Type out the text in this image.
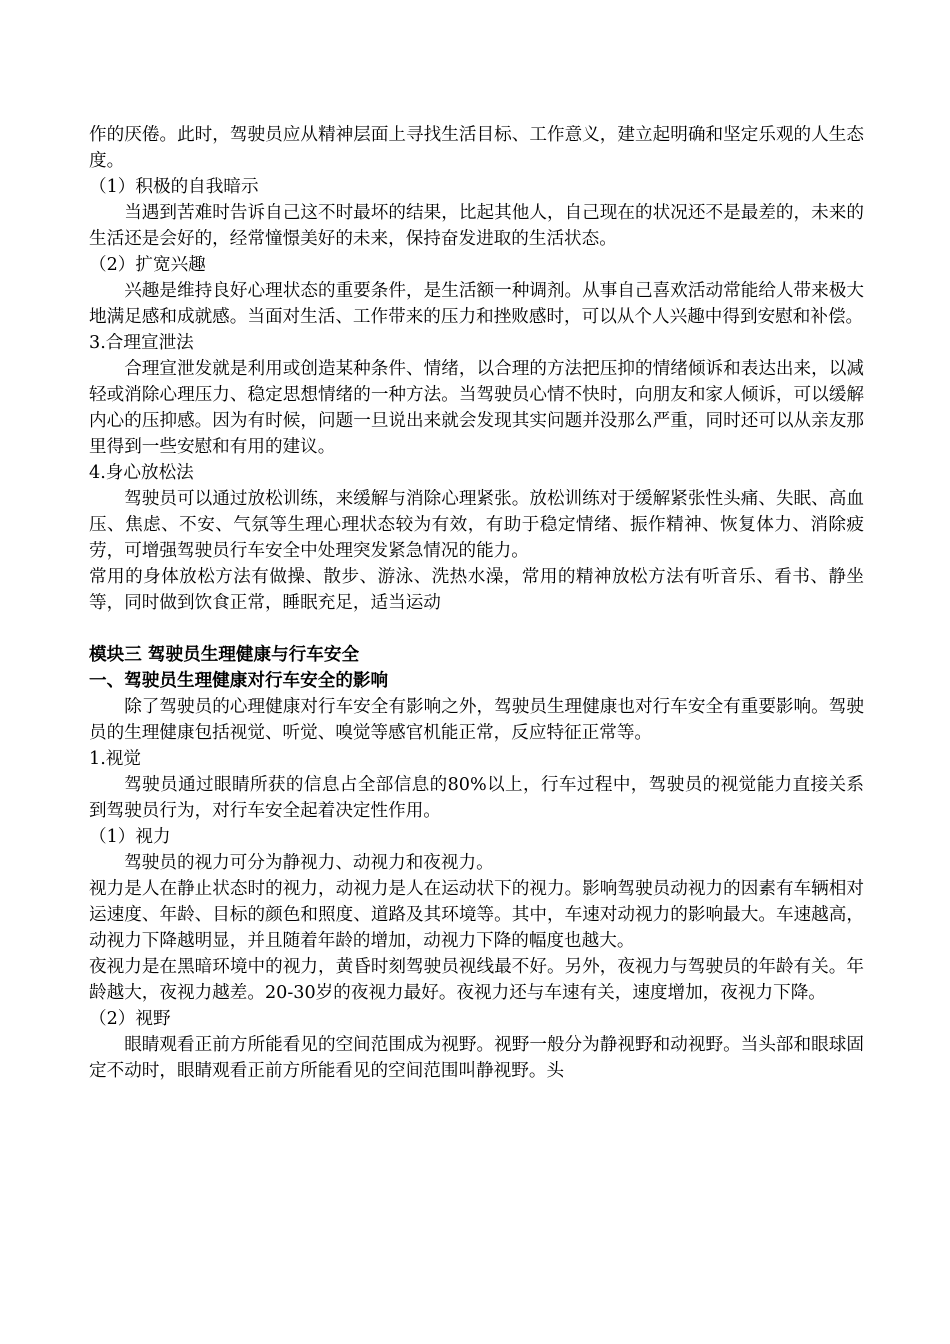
作的厌倦。此时，驾驶员应从精神层面上寻找生活目标、工作意义，建立起明确和坚定乐观的人生态度。

（1）积极的自我暗示

当遇到苦难时告诉自己这不时最坏的结果，比起其他人，自己现在的状况还不是最差的，未来的生活还是会好的，经常憧憬美好的未来，保持奋发进取的生活状态。

（2）扩宽兴趣

兴趣是维持良好心理状态的重要条件，是生活额一种调剂。从事自己喜欢活动常能给人带来极大地满足感和成就感。当面对生活、工作带来的压力和挫败感时，可以从个人兴趣中得到安慰和补偿。

3.合理宣泄法

合理宣泄发就是利用或创造某种条件、情绪，以合理的方法把压抑的情绪倾诉和表达出来，以减轻或消除心理压力、稳定思想情绪的一种方法。当驾驶员心情不快时，向朋友和家人倾诉，可以缓解内心的压抑感。因为有时候，问题一旦说出来就会发现其实问题并没那么严重，同时还可以从亲友那里得到一些安慰和有用的建议。

4.身心放松法

驾驶员可以通过放松训练，来缓解与消除心理紧张。放松训练对于缓解紧张性头痛、失眠、高血压、焦虑、不安、气氛等生理心理状态较为有效，有助于稳定情绪、振作精神、恢复体力、消除疲劳，可增强驾驶员行车安全中处理突发紧急情况的能力。

常用的身体放松方法有做操、散步、游泳、洗热水澡，常用的精神放松方法有听音乐、看书、静坐等，同时做到饮食正常，睡眠充足，适当运动

模块三 驾驶员生理健康与行车安全

一、驾驶员生理健康对行车安全的影响

除了驾驶员的心理健康对行车安全有影响之外，驾驶员生理健康也对行车安全有重要影响。驾驶员的生理健康包括视觉、听觉、嗅觉等感官机能正常，反应特征正常等。

1.视觉

驾驶员通过眼睛所获的信息占全部信息的80%以上，行车过程中，驾驶员的视觉能力直接关系到驾驶员行为，对行车安全起着决定性作用。

（1）视力

驾驶员的视力可分为静视力、动视力和夜视力。

视力是人在静止状态时的视力，动视力是人在运动状下的视力。影响驾驶员动视力的因素有车辆相对运速度、年龄、目标的颜色和照度、道路及其环境等。其中，车速对动视力的影响最大。车速越高，动视力下降越明显，并且随着年龄的增加，动视力下降的幅度也越大。

夜视力是在黑暗环境中的视力，黄昏时刻驾驶员视线最不好。另外，夜视力与驾驶员的年龄有关。年龄越大，夜视力越差。20-30岁的夜视力最好。夜视力还与车速有关，速度增加，夜视力下降。

（2）视野

眼睛观看正前方所能看见的空间范围成为视野。视野一般分为静视野和动视野。当头部和眼球固定不动时，眼睛观看正前方所能看见的空间范围叫静视野。头
